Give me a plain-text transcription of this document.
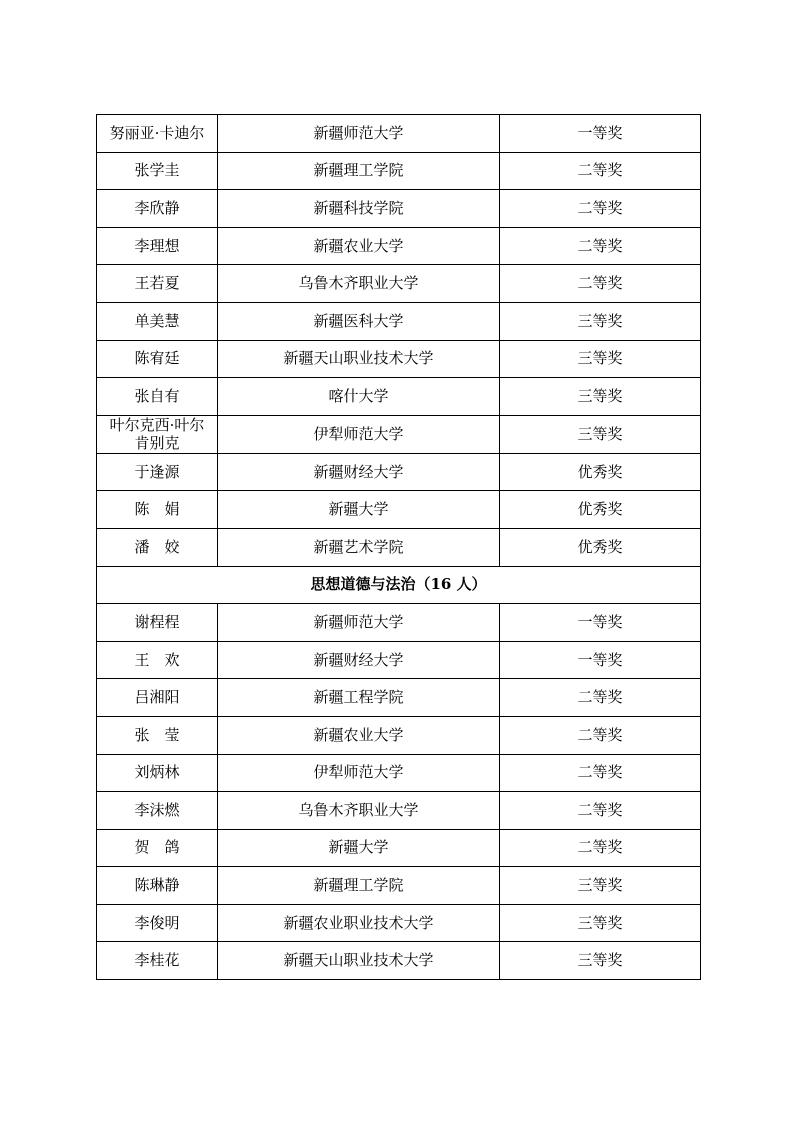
努丽亚·卡迪尔	新疆师范大学	一等奖
张学圭	新疆理工学院	二等奖
李欣静	新疆科技学院	二等奖
李理想	新疆农业大学	二等奖
王若夏	乌鲁木齐职业大学	二等奖
单美慧	新疆医科大学	三等奖
陈宥廷	新疆天山职业技术大学	三等奖
张自有	喀什大学	三等奖
叶尔克西·叶尔肯别克	伊犁师范大学	三等奖
于逢源	新疆财经大学	优秀奖
陈　娟	新疆大学	优秀奖
潘　姣	新疆艺术学院	优秀奖
思想道德与法治（16 人）		
谢程程	新疆师范大学	一等奖
王　欢	新疆财经大学	一等奖
吕湘阳	新疆工程学院	二等奖
张　莹	新疆农业大学	二等奖
刘炳林	伊犁师范大学	二等奖
李沫燃	乌鲁木齐职业大学	二等奖
贺　鸽	新疆大学	二等奖
陈琳静	新疆理工学院	三等奖
李俊明	新疆农业职业技术大学	三等奖
李桂花	新疆天山职业技术大学	三等奖
